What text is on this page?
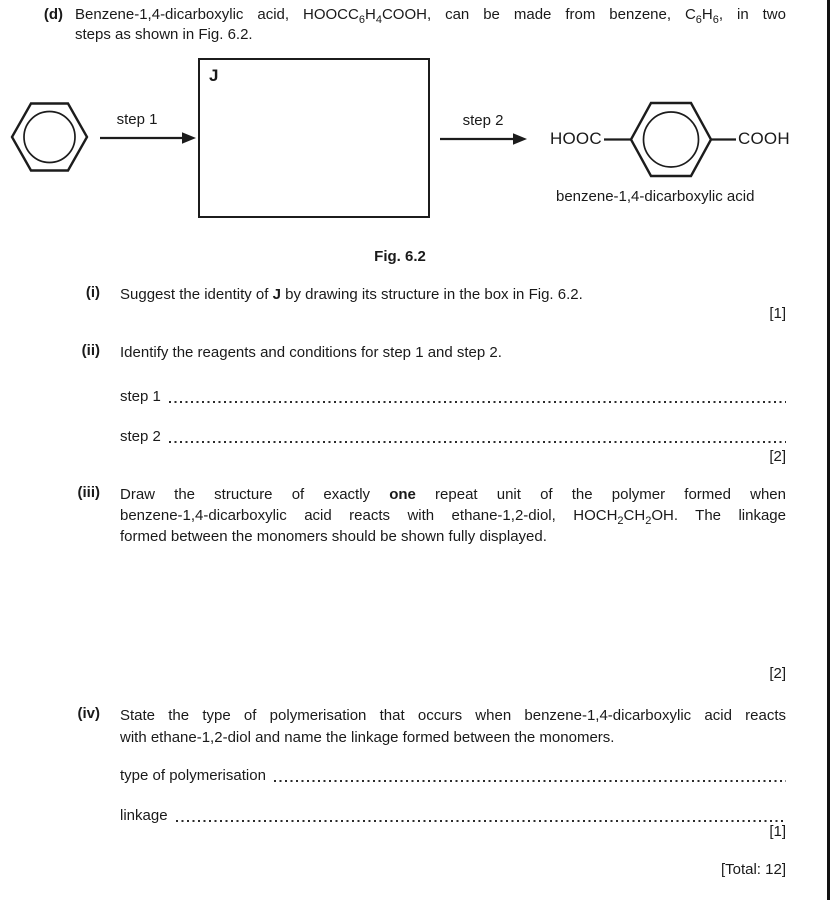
(d) Benzene-1,4-dicarboxylic acid, $HOOCC_6H_4COOH$, can be made from benzene, $C_6H_6$, in two
steps as shown in Fig. 6.2.
J
step 1	step 2
HOOC	COOH
benzene-1,4-dicarboxylic acid
Fig. 6.2
(i) Suggest the identity of J by drawing its structure in the box in Fig. 6.2.
[1]
(ii) Identify the reagents and conditions for step 1 and step 2.
step 1
step 2
[2]
(iii) Draw the structure of exactly one repeat unit of the polymer formed when
benzene-1,4-dicarboxylic acid reacts with ethane-1,2-diol, $HOCH_2CH_2OH$. The linkage
formed between the monomers should be shown fully displayed.
[2]
(iv) State the type of polymerisation that occurs when benzene-1,4-dicarboxylic acid reacts
with ethane-1,2-diol and name the linkage formed between the monomers.
type of polymerisation
linkage
[1]
[Total: 12]
